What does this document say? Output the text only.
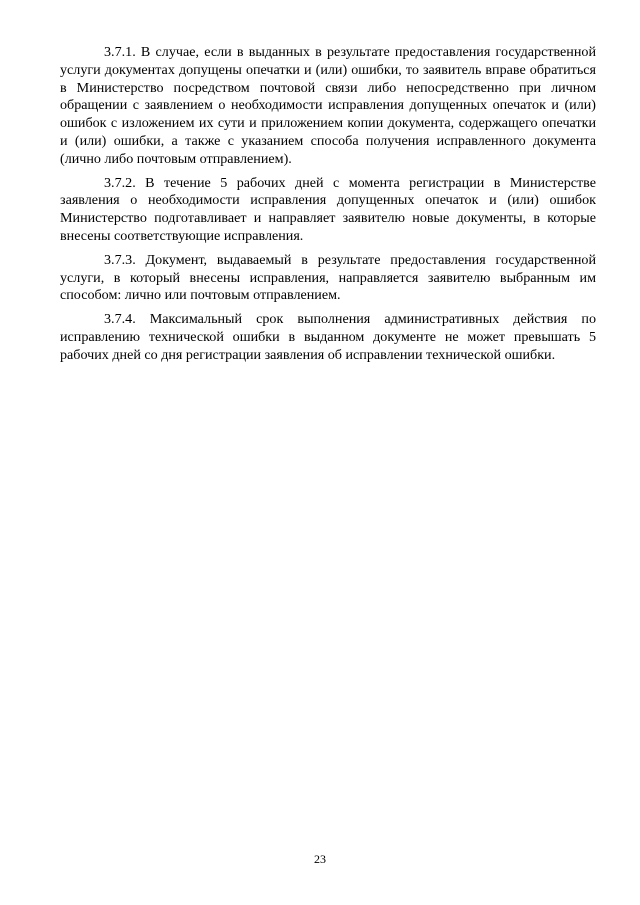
3.7.1. В случае, если в выданных в результате предоставления государственной услуги документах допущены опечатки и (или) ошибки, то заявитель вправе обратиться в Министерство посредством почтовой связи либо непосредственно при личном обращении с заявлением о необходимости исправления допущенных опечаток и (или) ошибок с изложением их сути и приложением копии документа, содержащего опечатки и (или) ошибки, а также с указанием способа получения исправленного документа (лично либо почтовым отправлением).

3.7.2. В течение 5 рабочих дней с момента регистрации в Министерстве заявления о необходимости исправления допущенных опечаток и (или) ошибок Министерство подготавливает и направляет заявителю новые документы, в которые внесены соответствующие исправления.

3.7.3. Документ, выдаваемый в результате предоставления государственной услуги, в который внесены исправления, направляется заявителю выбранным им способом: лично или почтовым отправлением.

3.7.4. Максимальный срок выполнения административных действия по исправлению технической ошибки в выданном документе не может превышать 5 рабочих дней со дня регистрации заявления об исправлении технической ошибки.

23
